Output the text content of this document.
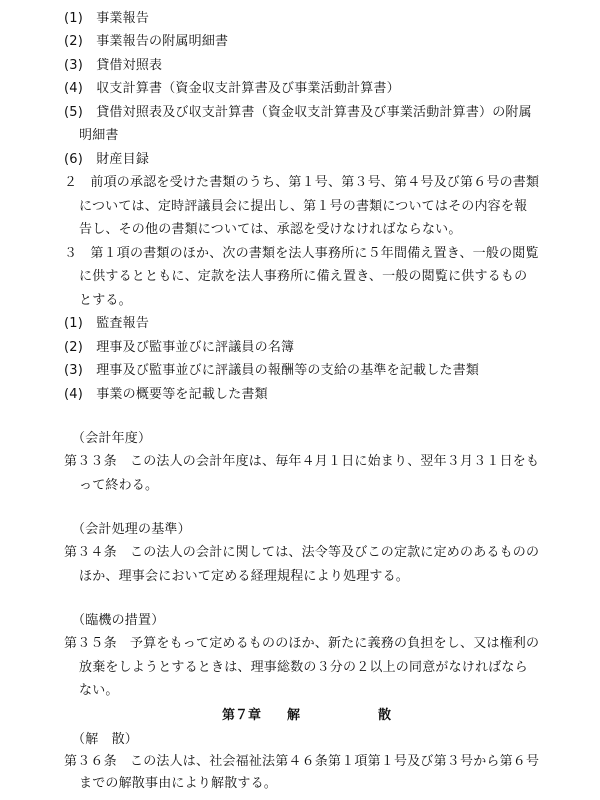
(1)　事業報告
(2)　事業報告の附属明細書
(3)　貸借対照表
(4)　収支計算書（資金収支計算書及び事業活動計算書）
(5)　貸借対照表及び収支計算書（資金収支計算書及び事業活動計算書）の附属
明細書
(6)　財産目録
２　前項の承認を受けた書類のうち、第１号、第３号、第４号及び第６号の書類
については、定時評議員会に提出し、第１号の書類についてはその内容を報
告し、その他の書類については、承認を受けなければならない。
３　第１項の書類のほか、次の書類を法人事務所に５年間備え置き、一般の閲覧
に供するとともに、定款を法人事務所に備え置き、一般の閲覧に供するもの
とする。
(1)　監査報告
(2)　理事及び監事並びに評議員の名簿
(3)　理事及び監事並びに評議員の報酬等の支給の基準を記載した書類
(4)　事業の概要等を記載した書類
（会計年度）
第３３条　この法人の会計年度は、毎年４月１日に始まり、翌年３月３１日をも
って終わる。
（会計処理の基準）
第３４条　この法人の会計に関しては、法令等及びこの定款に定めのあるものの
ほか、理事会において定める経理規程により処理する。
（臨機の措置）
第３５条　予算をもって定めるもののほか、新たに義務の負担をし、又は権利の
放棄をしようとするときは、理事総数の３分の２以上の同意がなければなら
ない。
第７章　　解　　　　　　散
（解　散）
第３６条　この法人は、社会福祉法第４６条第１項第１号及び第３号から第６号
までの解散事由により解散する。
